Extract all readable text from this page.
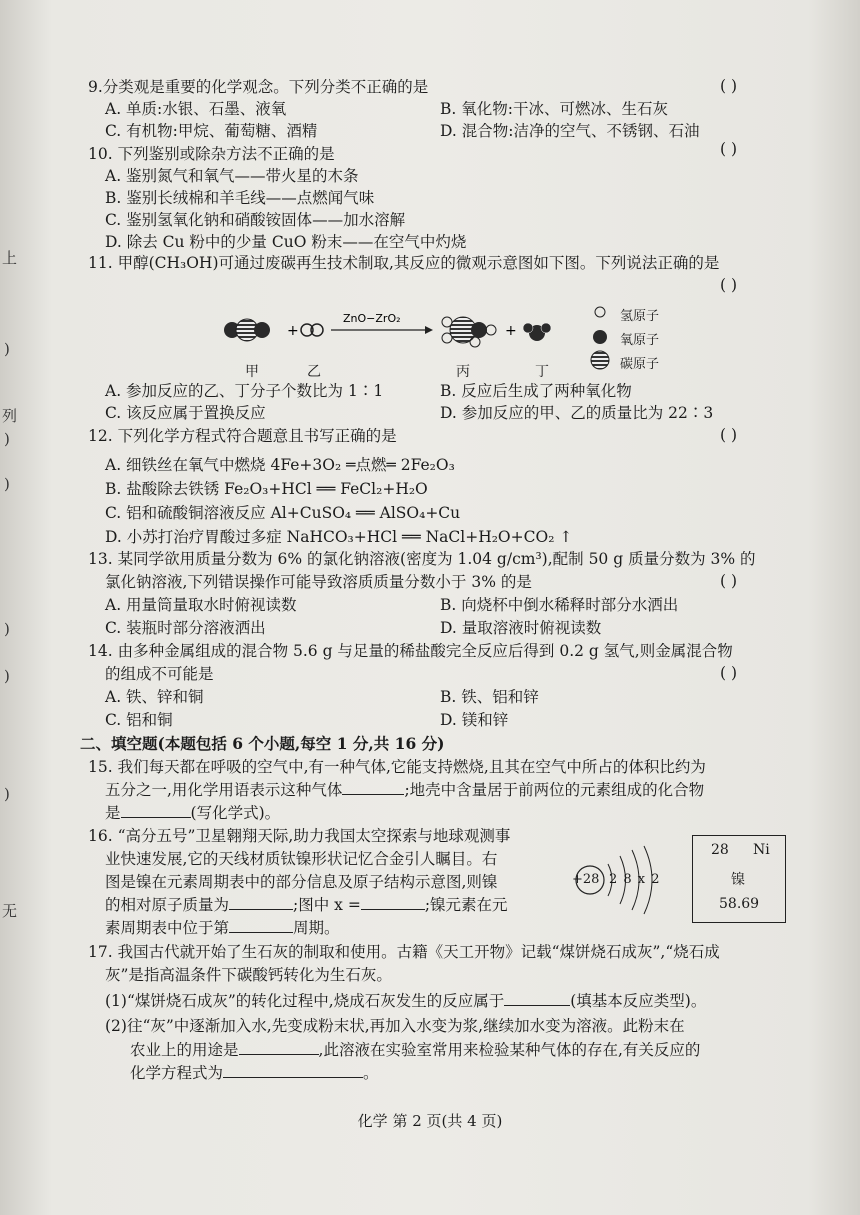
上
)
列
)
)
)
)
)
无
9.分类观是重要的化学观念。下列分类不正确的是	( )
A. 单质:水银、石墨、液氧	B. 氧化物:干冰、可燃冰、生石灰
C. 有机物:甲烷、葡萄糖、酒精	D. 混合物:洁净的空气、不锈钢、石油
10. 下列鉴别或除杂方法不正确的是	( )
A. 鉴别氮气和氧气——带火星的木条
B. 鉴别长绒棉和羊毛线——点燃闻气味
C. 鉴别氢氧化钠和硝酸铵固体——加水溶解
D. 除去 Cu 粉中的少量 CuO 粉末——在空气中灼烧
11. 甲醇(CH₃OH)可通过废碳再生技术制取,其反应的微观示意图如下图。下列说法正确的是
( )
+
ZnO−ZrO₂
+
氢原子
氧原子
碳原子
甲	乙	丙	丁
A. 参加反应的乙、丁分子个数比为 1∶1	B. 反应后生成了两种氧化物
C. 该反应属于置换反应	D. 参加反应的甲、乙的质量比为 22∶3
12. 下列化学方程式符合题意且书写正确的是	( )
A. 细铁丝在氧气中燃烧 4Fe+3O₂ ═点燃═ 2Fe₂O₃
B. 盐酸除去铁锈 Fe₂O₃+HCl ══ FeCl₂+H₂O
C. 铝和硫酸铜溶液反应 Al+CuSO₄ ══ AlSO₄+Cu
D. 小苏打治疗胃酸过多症 NaHCO₃+HCl ══ NaCl+H₂O+CO₂ ↑
13. 某同学欲用质量分数为 6% 的氯化钠溶液(密度为 1.04 g/cm³),配制 50 g 质量分数为 3% 的
氯化钠溶液,下列错误操作可能导致溶质质量分数小于 3% 的是	( )
A. 用量筒量取水时俯视读数	B. 向烧杯中倒水稀释时部分水洒出
C. 装瓶时部分溶液洒出	D. 量取溶液时俯视读数
14. 由多种金属组成的混合物 5.6 g 与足量的稀盐酸完全反应后得到 0.2 g 氢气,则金属混合物
的组成不可能是	( )
A. 铁、锌和铜	B. 铁、铝和锌
C. 铝和铜	D. 镁和锌
二、填空题(本题包括 6 个小题,每空 1 分,共 16 分)
15. 我们每天都在呼吸的空气中,有一种气体,它能支持燃烧,且其在空气中所占的体积比约为
五分之一,用化学用语表示这种气体	;地壳中含量居于前两位的元素组成的化合物
是	(写化学式)。
16. “高分五号”卫星翱翔天际,助力我国太空探索与地球观测事
业快速发展,它的天线材质钛镍形状记忆合金引人瞩目。右
图是镍在元素周期表中的部分信息及原子结构示意图,则镍
的相对原子质量为	;图中 x =	;镍元素在元
素周期表中位于第	周期。
+28 2 8 x 2
28 Ni
镍
58.69
17. 我国古代就开始了生石灰的制取和使用。古籍《天工开物》记载“煤饼烧石成灰”,“烧石成
灰”是指高温条件下碳酸钙转化为生石灰。
(1)“煤饼烧石成灰”的转化过程中,烧成石灰发生的反应属于	(填基本反应类型)。
(2)往“灰”中逐渐加入水,先变成粉末状,再加入水变为浆,继续加水变为溶液。此粉末在
农业上的用途是	,此溶液在实验室常用来检验某种气体的存在,有关反应的
化学方程式为	。
化学 第 2 页(共 4 页)
